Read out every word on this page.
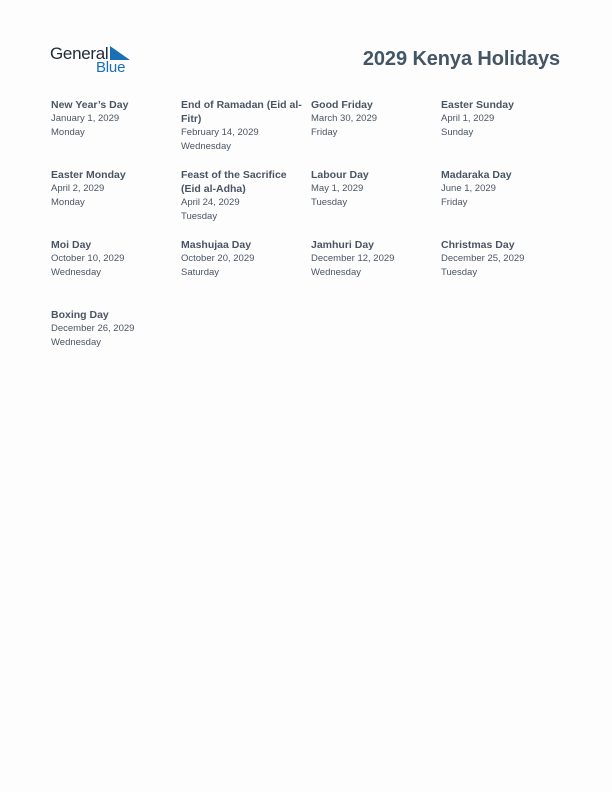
General
Blue	2029 Kenya Holidays
New Year’s Day
January 1, 2029
Monday
End of Ramadan (Eid al-Fitr)
February 14, 2029
Wednesday
Good Friday
March 30, 2029
Friday
Easter Sunday
April 1, 2029
Sunday
Easter Monday
April 2, 2029
Monday
Feast of the Sacrifice (Eid al-Adha)
April 24, 2029
Tuesday
Labour Day
May 1, 2029
Tuesday
Madaraka Day
June 1, 2029
Friday
Moi Day
October 10, 2029
Wednesday
Mashujaa Day
October 20, 2029
Saturday
Jamhuri Day
December 12, 2029
Wednesday
Christmas Day
December 25, 2029
Tuesday
Boxing Day
December 26, 2029
Wednesday
